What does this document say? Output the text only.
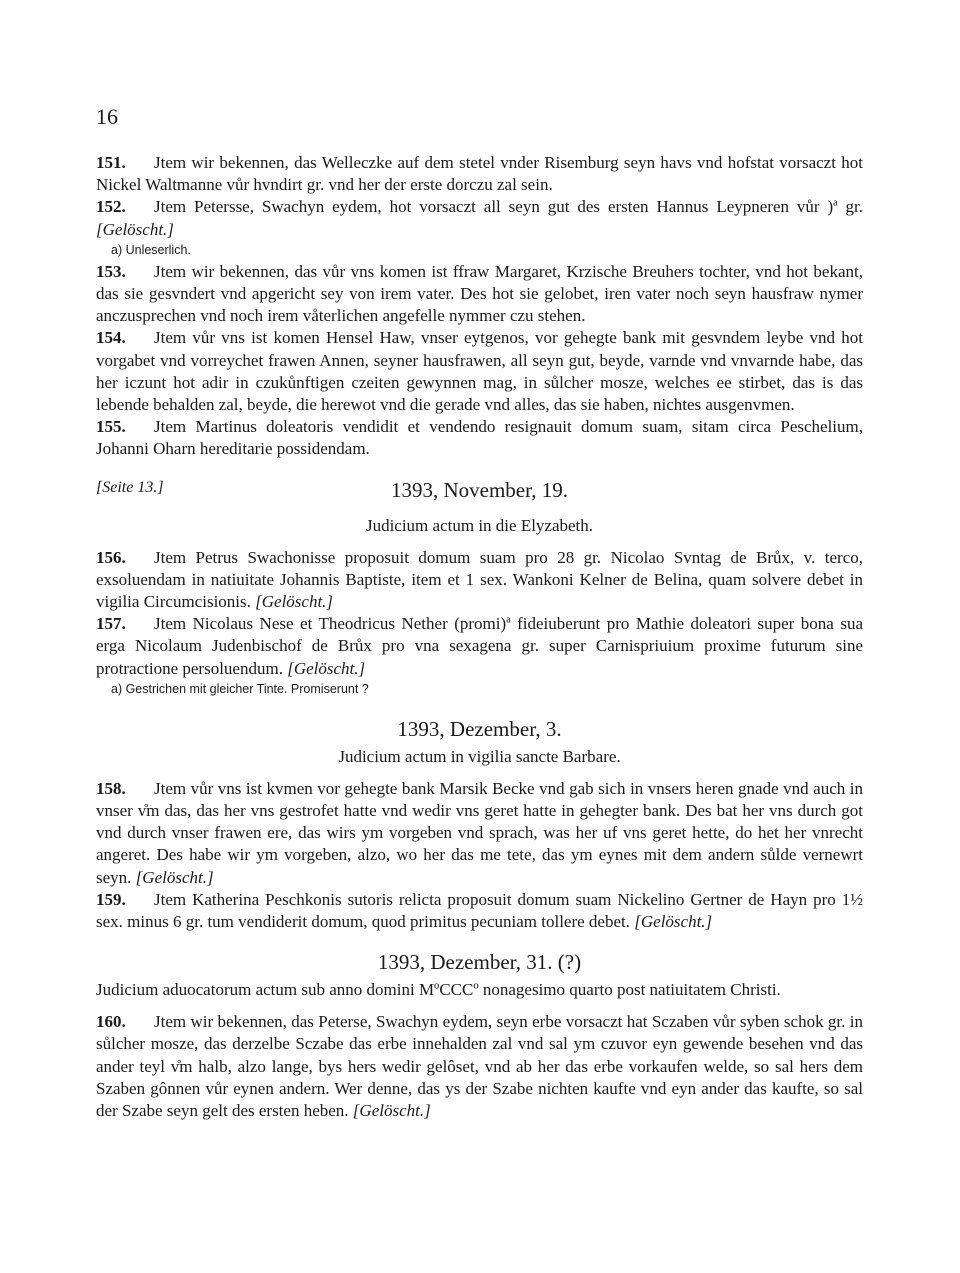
16

151. Jtem wir bekennen, das Welleczke auf dem stetel vnder Risemburg seyn havs vnd hofstat vorsaczt hot Nickel Waltmanne vůr hvndirt gr. vnd her der erste dorczu zal sein.

152. Jtem Petersse, Swachyn eydem, hot vorsaczt all seyn gut des ersten Hannus Leypneren vůr )$^a$ gr. [Gelöscht.]

a) Unleserlich.

153. Jtem wir bekennen, das vůr vns komen ist ffraw Margaret, Krzische Breuhers tochter, vnd hot bekant, das sie gesvndert vnd apgericht sey von irem vater. Des hot sie gelobet, iren vater noch seyn hausfraw nymer anczusprechen vnd noch irem våterlichen angefelle nymmer czu stehen.

154. Jtem vůr vns ist komen Hensel Haw, vnser eytgenos, vor gehegte bank mit gesvndem leybe vnd hot vorgabet vnd vorreychet frawen Annen, seyner hausfrawen, all seyn gut, beyde, varnde vnd vnvarnde habe, das her iczunt hot adir in czukůnftigen czeiten gewynnen mag, in sůlcher mosze, welches ee stirbet, das is das lebende behalden zal, beyde, die herewot vnd die gerade vnd alles, das sie haben, nichtes ausgenvmen.

155. Jtem Martinus doleatoris vendidit et vendendo resignauit domum suam, sitam circa Peschelium, Johanni Oharn hereditarie possidendam.

[Seite 13.]	1393, November, 19.
Judicium actum in die Elyzabeth.

156. Jtem Petrus Swachonisse proposuit domum suam pro 28 gr. Nicolao Svntag de Brůx, v. terco, exsoluendam in natiuitate Johannis Baptiste, item et 1 sex. Wankoni Kelner de Belina, quam solvere debet in vigilia Circumcisionis. [Gelöscht.]

157. Jtem Nicolaus Nese et Theodricus Nether (promi)$^a$ fideiuberunt pro Mathie doleatori super bona sua erga Nicolaum Judenbischof de Brůx pro vna sexagena gr. super Carnispriuium proxime futurum sine protractione persoluendum. [Gelöscht.]

a) Gestrichen mit gleicher Tinte. Promiserunt ?
1393, Dezember, 3.
Judicium actum in vigilia sancte Barbare.

158. Jtem vůr vns ist kvmen vor gehegte bank Marsik Becke vnd gab sich in vnsers heren gnade vnd auch in vnser v̊m das, das her vns gestrofet hatte vnd wedir vns geret hatte in gehegter bank. Des bat her vns durch got vnd durch vnser frawen ere, das wirs ym vorgeben vnd sprach, was her uf vns geret hette, do het her vnrecht angeret. Des habe wir ym vorgeben, alzo, wo her das me tete, das ym eynes mit dem andern sůlde vernewrt seyn. [Gelöscht.]

159. Jtem Katherina Peschkonis sutoris relicta proposuit domum suam Nickelino Gertner de Hayn pro 1½ sex. minus 6 gr. tum vendiderit domum, quod primitus pecuniam tollere debet. [Gelöscht.]

1393, Dezember, 31. (?)
Judicium aduocatorum actum sub anno domini MºCCCº nonagesimo quarto post natiuitatem Christi.

160. Jtem wir bekennen, das Peterse, Swachyn eydem, seyn erbe vorsaczt hat Sczaben vůr syben schok gr. in sůlcher mosze, das derzelbe Sczabe das erbe innehalden zal vnd sal ym czuvor eyn gewende besehen vnd das ander teyl v̊m halb, alzo lange, bys hers wedir gelôset, vnd ab her das erbe vorkaufen welde, so sal hers dem Szaben gônnen vůr eynen andern. Wer denne, das ys der Szabe nichten kaufte vnd eyn ander das kaufte, so sal der Szabe seyn gelt des ersten heben. [Gelöscht.]
